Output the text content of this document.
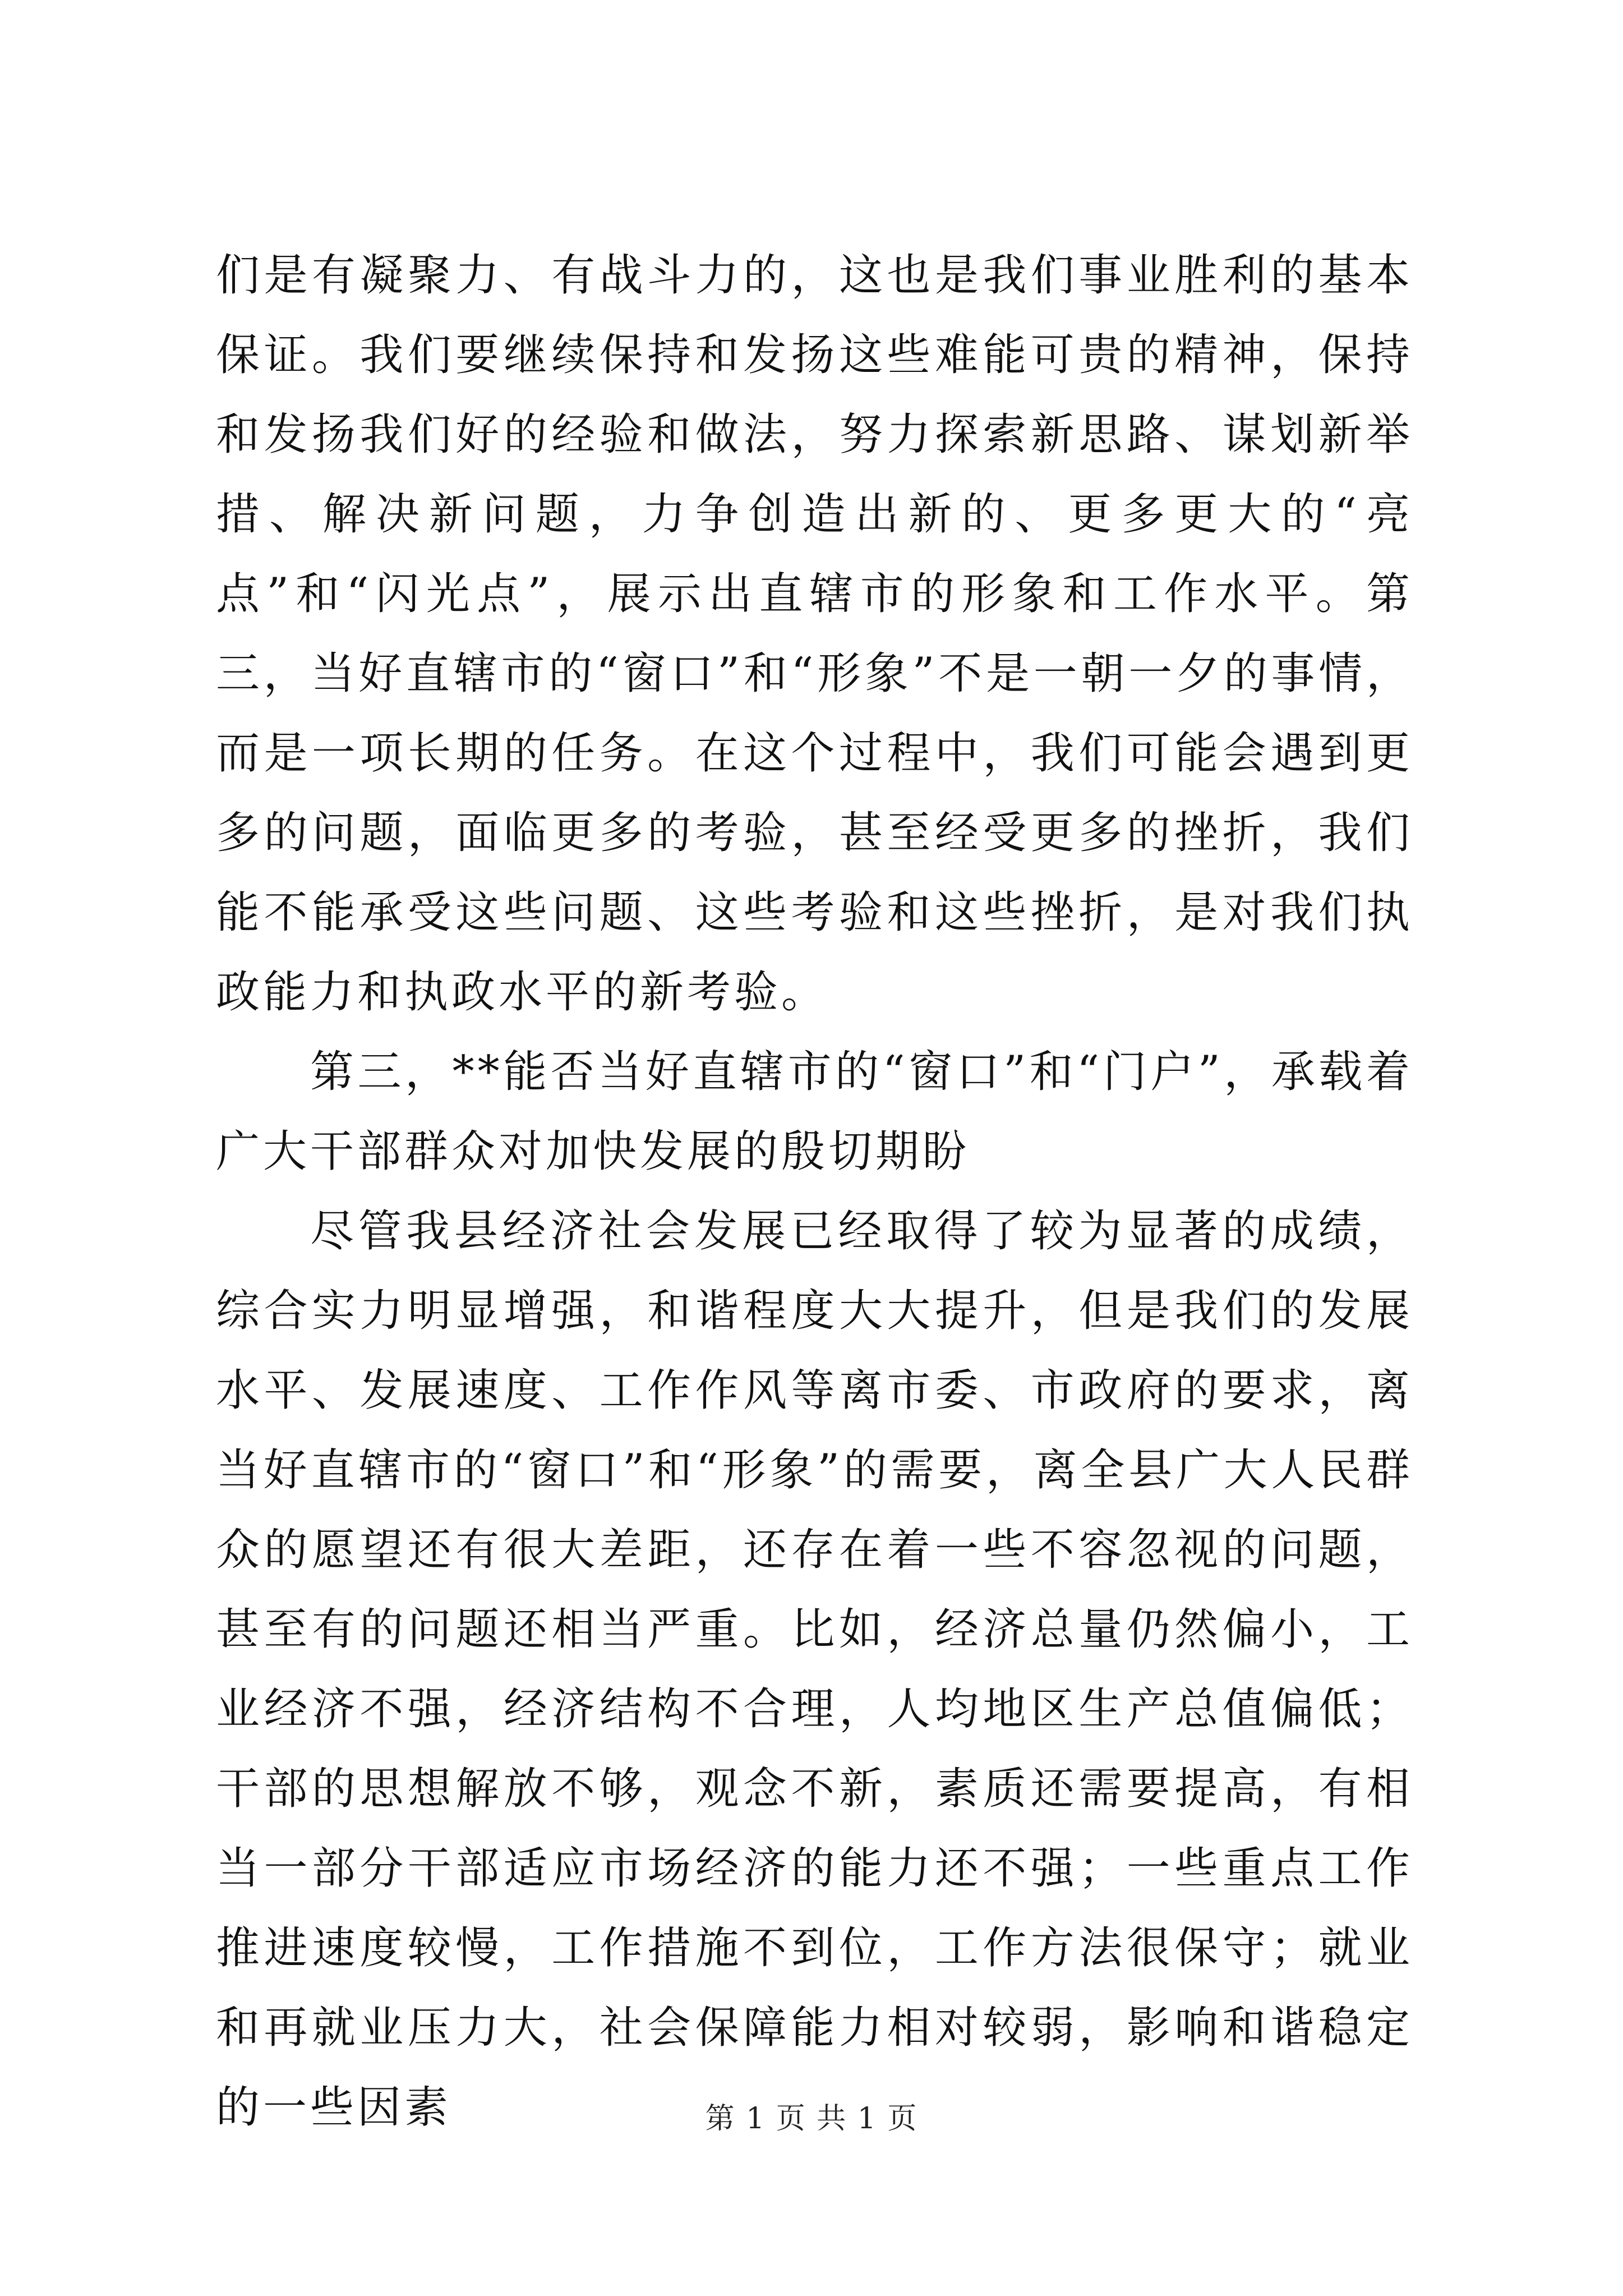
们是有凝聚力、有战斗力的，这也是我们事业胜利的基本保证。我们要继续保持和发扬这些难能可贵的精神，保持和发扬我们好的经验和做法，努力探索新思路、谋划新举措、解决新问题，力争创造出新的、更多更大的“亮点”和“闪光点”，展示出直辖市的形象和工作水平。第三，当好直辖市的“窗口”和“形象”不是一朝一夕的事情，而是一项长期的任务。在这个过程中，我们可能会遇到更多的问题，面临更多的考验，甚至经受更多的挫折，我们能不能承受这些问题、这些考验和这些挫折，是对我们执政能力和执政水平的新考验。

第三，**能否当好直辖市的“窗口”和“门户”，承载着广大干部群众对加快发展的殷切期盼

尽管我县经济社会发展已经取得了较为显著的成绩，综合实力明显增强，和谐程度大大提升，但是我们的发展水平、发展速度、工作作风等离市委、市政府的要求，离当好直辖市的“窗口”和“形象”的需要，离全县广大人民群众的愿望还有很大差距，还存在着一些不容忽视的问题，甚至有的问题还相当严重。比如，经济总量仍然偏小，工业经济不强，经济结构不合理，人均地区生产总值偏低；干部的思想解放不够，观念不新，素质还需要提高，有相当一部分干部适应市场经济的能力还不强；一些重点工作推进速度较慢，工作措施不到位，工作方法很保守；就业和再就业压力大，社会保障能力相对较弱，影响和谐稳定的一些因素	第 1 页 共 1 页
